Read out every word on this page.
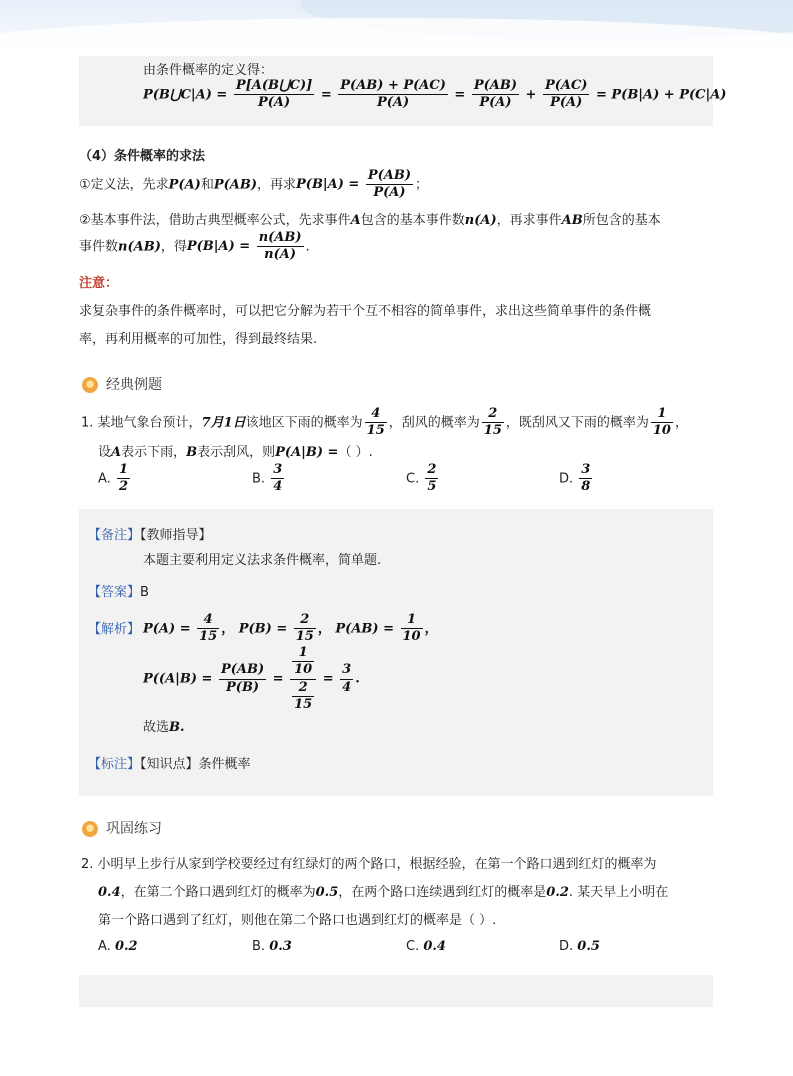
由条件概率的定义得：
P(B⋃C|A) = $\frac{P[A(B⋃C)]}{P(A)} = \frac{P(AB) + P(AC)}{P(A)} = \frac{P(AB)}{P(A)} + \frac{P(AC)}{P(A)} = P(B|A) + P(C|A)$
（4）条件概率的求法
①定义法，先求P(A)和P(AB)，再求$P(B|A) = \frac{P(AB)}{P(A)}$ ；
②基本事件法，借助古典型概率公式，先求事件A包含的基本事件数n(A)，再求事件AB所包含的基本
事件数n(AB)，得$P(B|A) = \frac{n(AB)}{n(A)}$ .
注意：
求复杂事件的条件概率时，可以把它分解为若干个互不相容的简单事件，求出这些简单事件的条件概
率，再利用概率的可加性，得到最终结果.
经典例题
1. 某地气象台预计，7月1日该地区下雨的概率为 $\frac{4}{15}$ ，刮风的概率为 $\frac{2}{15}$ ，既刮风又下雨的概率为 $\frac{1}{10}$ ，
设A表示下雨，B表示刮风，则P(A|B) =（ ）.
A. $\frac{1}{2}$	B. $\frac{3}{4}$	C. $\frac{2}{5}$	D. $\frac{3}{8}$
【备注】【教师指导】
本题主要利用定义法求条件概率，简单题.
【答案】B
【解析】 $P(A) = \frac{4}{15}$ ， $P(B) = \frac{2}{15}$ ， $P(AB) = \frac{1}{10}$ ，
$P((A|B) = \frac{P(AB)}{P(B)} = \frac{\frac{1}{10}}{\frac{2}{15}} = \frac{3}{4}$ .
故选B.
【标注】【知识点】条件概率
巩固练习
2. 小明早上步行从家到学校要经过有红绿灯的两个路口，根据经验，在第一个路口遇到红灯的概率为
0.4，在第二个路口遇到红灯的概率为0.5，在两个路口连续遇到红灯的概率是0.2. 某天早上小明在
第一个路口遇到了红灯，则他在第二个路口也遇到红灯的概率是（ ）.
A. 0.2	B. 0.3	C. 0.4	D. 0.5
